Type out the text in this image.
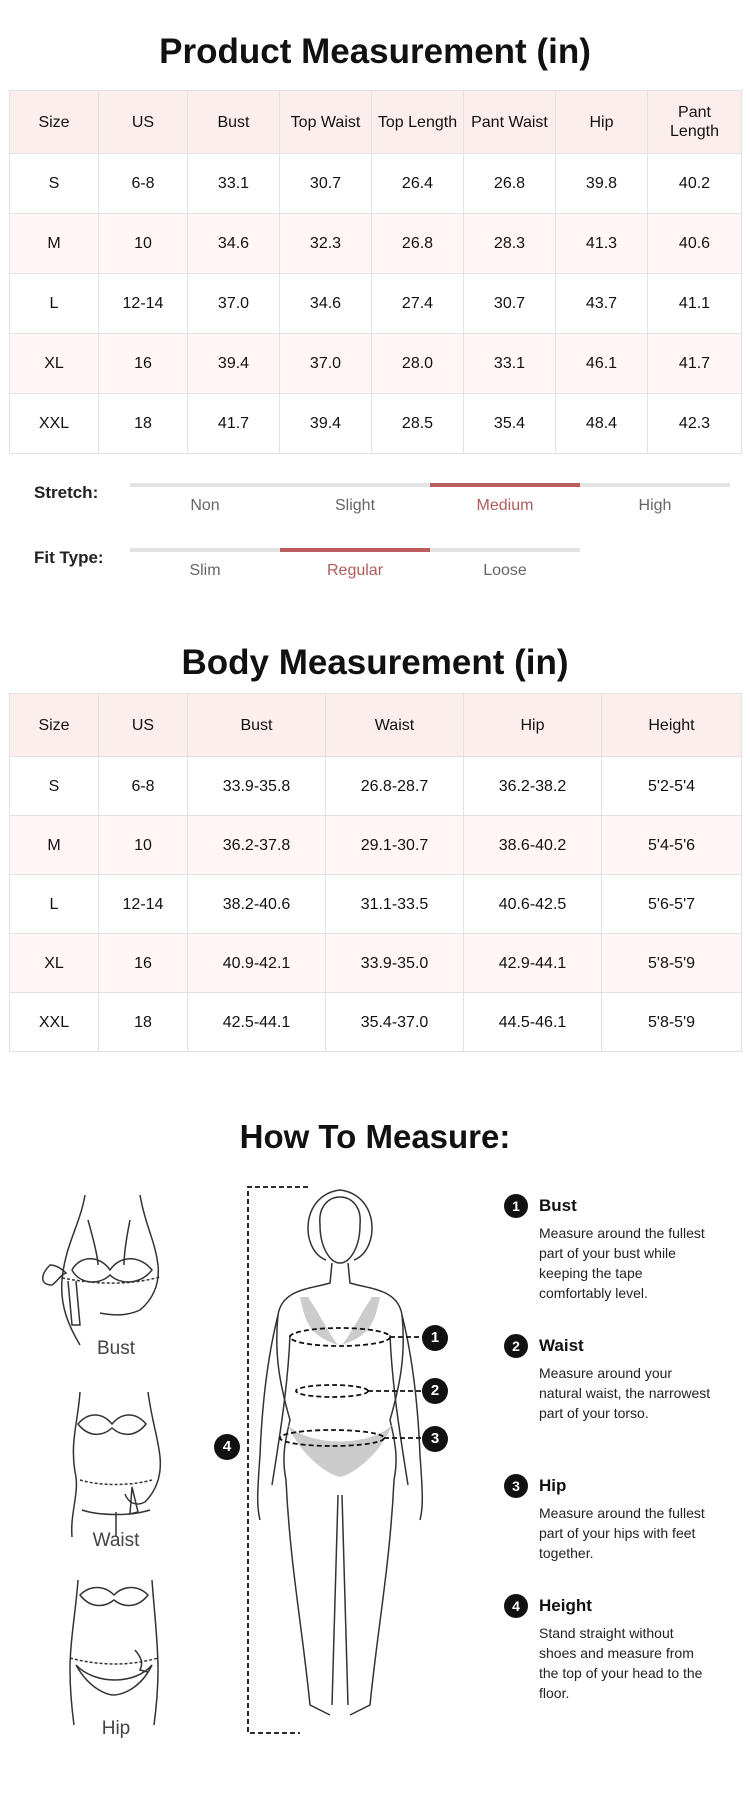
Product Measurement (in)
Size	US	Bust	Top Waist	Top Length	Pant Waist	Hip	Pant Length
S	6-8	33.1	30.7	26.4	26.8	39.8	40.2
M	10	34.6	32.3	26.8	28.3	41.3	40.6
L	12-14	37.0	34.6	27.4	30.7	43.7	41.1
XL	16	39.4	37.0	28.0	33.1	46.1	41.7
XXL	18	41.7	39.4	28.5	35.4	48.4	42.3
Stretch:
Non	Slight	Medium	High
Fit Type:
Slim	Regular	Loose
Body Measurement (in)
Size	US	Bust	Waist	Hip	Height
S	6-8	33.9-35.8	26.8-28.7	36.2-38.2	5'2-5'4
M	10	36.2-37.8	29.1-30.7	38.6-40.2	5'4-5'6
L	12-14	38.2-40.6	31.1-33.5	40.6-42.5	5'6-5'7
XL	16	40.9-42.1	33.9-35.0	42.9-44.1	5'8-5'9
XXL	18	42.5-44.1	35.4-37.0	44.5-46.1	5'8-5'9
How To Measure:
Bust
Waist
Hip
1
2
3
4
1	Bust
Measure around the fullest part of your bust while keeping the tape comfortably level.
2	Waist
Measure around your natural waist, the narrowest part of your torso.
3	Hip
Measure around the fullest part of your hips with feet together.
4	Height
Stand straight without shoes and measure from the top of your head to the floor.
